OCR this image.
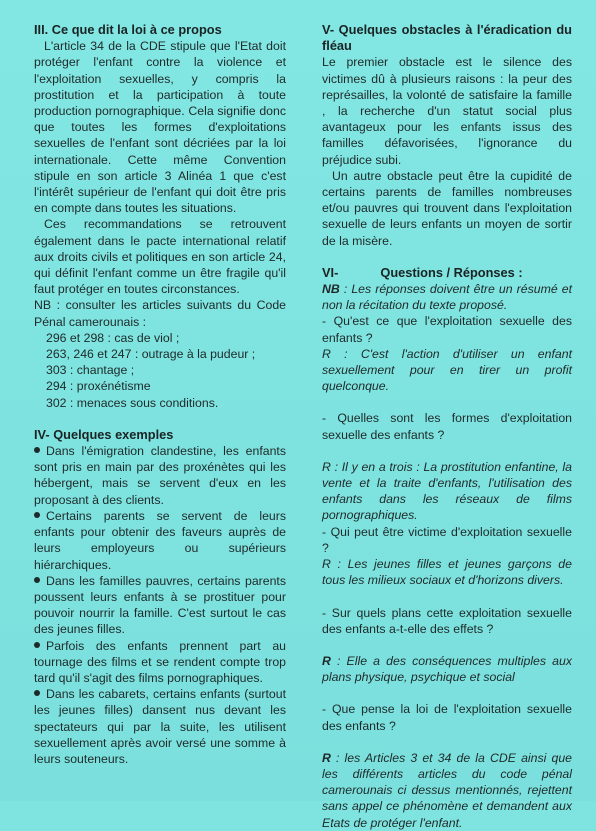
III. Ce que dit la loi à ce propos

L'article 34 de la CDE stipule que l'Etat doit protéger l'enfant contre la violence et l'exploitation sexuelles, y compris la prostitution et la participation à toute production pornographique. Cela signifie donc que toutes les formes d'exploitations sexuelles de l'enfant sont décriées par la loi internationale. Cette même Convention stipule en son article 3 Alinéa 1 que c'est l'intérêt supérieur de l'enfant qui doit être pris en compte dans toutes les situations.

Ces recommandations se retrouvent également dans le pacte international relatif aux droits civils et politiques en son article 24, qui définit l'enfant comme un être fragile qu'il faut protéger en toutes circonstances.

NB : consulter les articles suivants du Code Pénal camerounais :

296 et 298 : cas de viol ;

263, 246 et 247 : outrage à la pudeur ;

303 : chantage ;

294 : proxénétisme

302 : menaces sous conditions.

IV- Quelques exemples

Dans l'émigration clandestine, les enfants sont pris en main par des proxénètes qui les hébergent, mais se servent d'eux en les proposant à des clients.

Certains parents se servent de leurs enfants pour obtenir des faveurs auprès de leurs employeurs ou supérieurs hiérarchiques.

Dans les familles pauvres, certains parents poussent leurs enfants à se prostituer pour pouvoir nourrir la famille. C'est surtout le cas des jeunes filles.

Parfois des enfants prennent part au tournage des films et se rendent compte trop tard qu'il s'agit des films pornographiques.

Dans les cabarets, certains enfants (surtout les jeunes filles) dansent nus devant les spectateurs qui par la suite, les utilisent sexuellement après avoir versé une somme à leurs souteneurs.

V- Quelques obstacles à l'éradication du fléau

Le premier obstacle est le silence des victimes dû à plusieurs raisons : la peur des représailles, la volonté de satisfaire la famille , la recherche d'un statut social plus avantageux pour les enfants issus des familles défavorisées, l'ignorance du préjudice subi.

Un autre obstacle peut être la cupidité de certains parents de familles nombreuses et/ou pauvres qui trouvent dans l'exploitation sexuelle de leurs enfants un moyen de sortir de la misère.

VI-	Questions / Réponses :

NB : Les réponses doivent être un résumé et non la récitation du texte proposé.

- Qu'est ce que l'exploitation sexuelle des enfants ?

R : C'est l'action d'utiliser un enfant sexuellement pour en tirer un profit quelconque.

- Quelles sont les formes d'exploitation sexuelle des enfants ?

R : Il y en a trois : La prostitution enfantine, la vente et la traite d'enfants, l'utilisation des enfants dans les réseaux de films pornographiques.

- Qui peut être victime d'exploitation sexuelle ?

R : Les jeunes filles et jeunes garçons de tous les milieux sociaux et d'horizons divers.

- Sur quels plans cette exploitation sexuelle des enfants a-t-elle des effets ?

R : Elle a des conséquences multiples aux plans physique, psychique et social

- Que pense la loi de l'exploitation sexuelle des enfants ?

R : les Articles 3 et 34 de la CDE ainsi que les différents articles du code pénal camerounais ci dessus mentionnés, rejettent sans appel ce phénomène et demandent aux Etats de protéger l'enfant.
